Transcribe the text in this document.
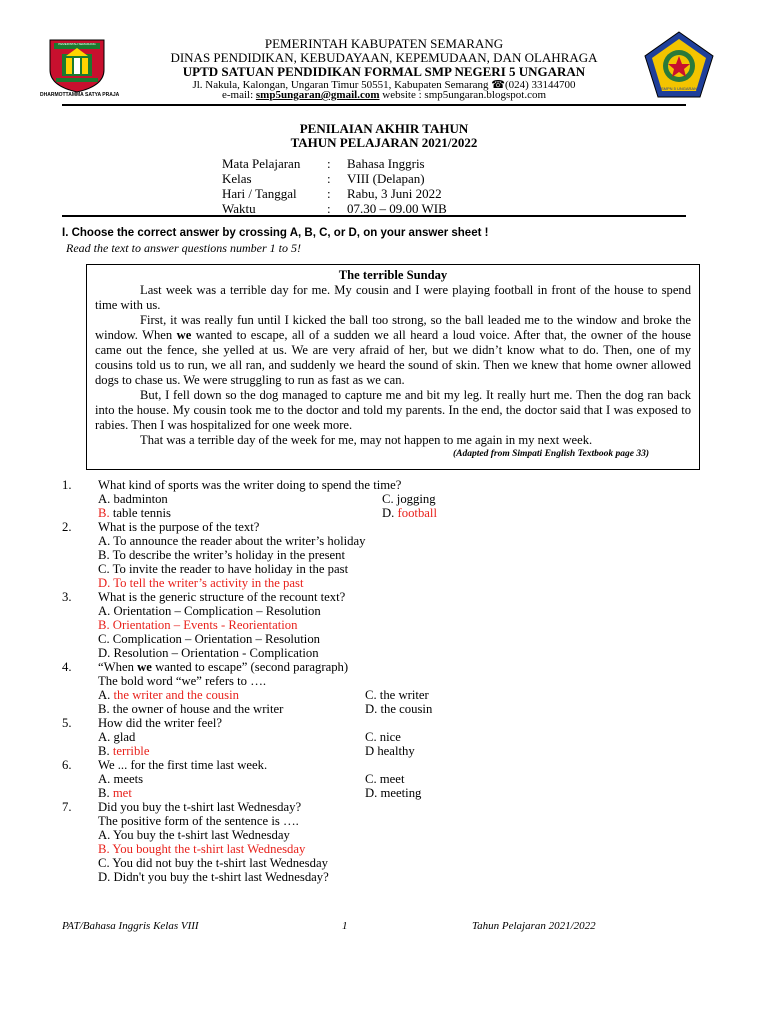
PEMERINTAH SEMARANG
DHARMOTTAMMA SATYA PRAJA
SMPN 5 UNGARAN
PEMERINTAH KABUPATEN SEMARANG
DINAS PENDIDIKAN, KEBUDAYAAN, KEPEMUDAAN, DAN OLAHRAGA
UPTD SATUAN PENDIDIKAN FORMAL SMP NEGERI 5 UNGARAN
Jl. Nakula, Kalongan, Ungaran Timur 50551, Kabupaten Semarang ☎(024) 33144700
e-mail: smp5ungaran@gmail.com website : smp5ungaran.blogspot.com
PENILAIAN AKHIR TAHUN
TAHUN PELAJARAN 2021/2022
Mata Pelajaran	:	Bahasa Inggris
Kelas	:	VIII (Delapan)
Hari / Tanggal	:	Rabu, 3 Juni 2022
Waktu	:	07.30 – 09.00 WIB
I. Choose the correct answer by crossing A, B, C, or D, on your answer sheet !
Read the text to answer questions number 1 to 5!

The terrible Sunday

Last week was a terrible day for me. My cousin and I were playing football in front of the house to spend time with us.

First, it was really fun until I kicked the ball too strong, so the ball leaded me to the window and broke the window. When we wanted to escape, all of a sudden we all heard a loud voice. After that, the owner of the house came out the fence, she yelled at us. We are very afraid of her, but we didn’t know what to do. Then, one of my cousins told us to run, we all ran, and suddenly we heard the sound of skin. Then we knew that home owner allowed dogs to chase us. We were struggling to run as fast as we can.

But, I fell down so the dog managed to capture me and bit my leg. It really hurt me. Then the dog ran back into the house. My cousin took me to the doctor and told my parents. In the end, the doctor said that I was exposed to rabies. Then I was hospitalized for one week more.

That was a terrible day of the week for me, may not happen to me again in my next week.

(Adapted from Simpati English Textbook page 33)

1. What kind of sports was the writer doing to spend the time?
A. badminton	C. jogging
B. table tennis	D. football
2. What is the purpose of the text?
A. To announce the reader about the writer’s holiday
B. To describe the writer’s holiday in the present
C. To invite the reader to have holiday in the past
D. To tell the writer’s activity in the past
3. What is the generic structure of the recount text?
A. Orientation – Complication – Resolution
B. Orientation – Events - Reorientation
C. Complication – Orientation – Resolution
D. Resolution – Orientation - Complication
4. “When we wanted to escape” (second paragraph)
The bold word “we” refers to ….
A. the writer and the cousin	C. the writer
B. the owner of house and the writer	D. the cousin
5. How did the writer feel?
A. glad	C. nice
B. terrible	D healthy
6. We ... for the first time last week.
A. meets	C. meet
B. met	D. meeting
7. Did you buy the t-shirt last Wednesday?
The positive form of the sentence is ….
A. You buy the t-shirt last Wednesday
B. You bought the t-shirt last Wednesday
C. You did not buy the t-shirt last Wednesday
D. Didn't you buy the t-shirt last Wednesday?
PAT/Bahasa Inggris Kelas VIII	1	Tahun Pelajaran 2021/2022
